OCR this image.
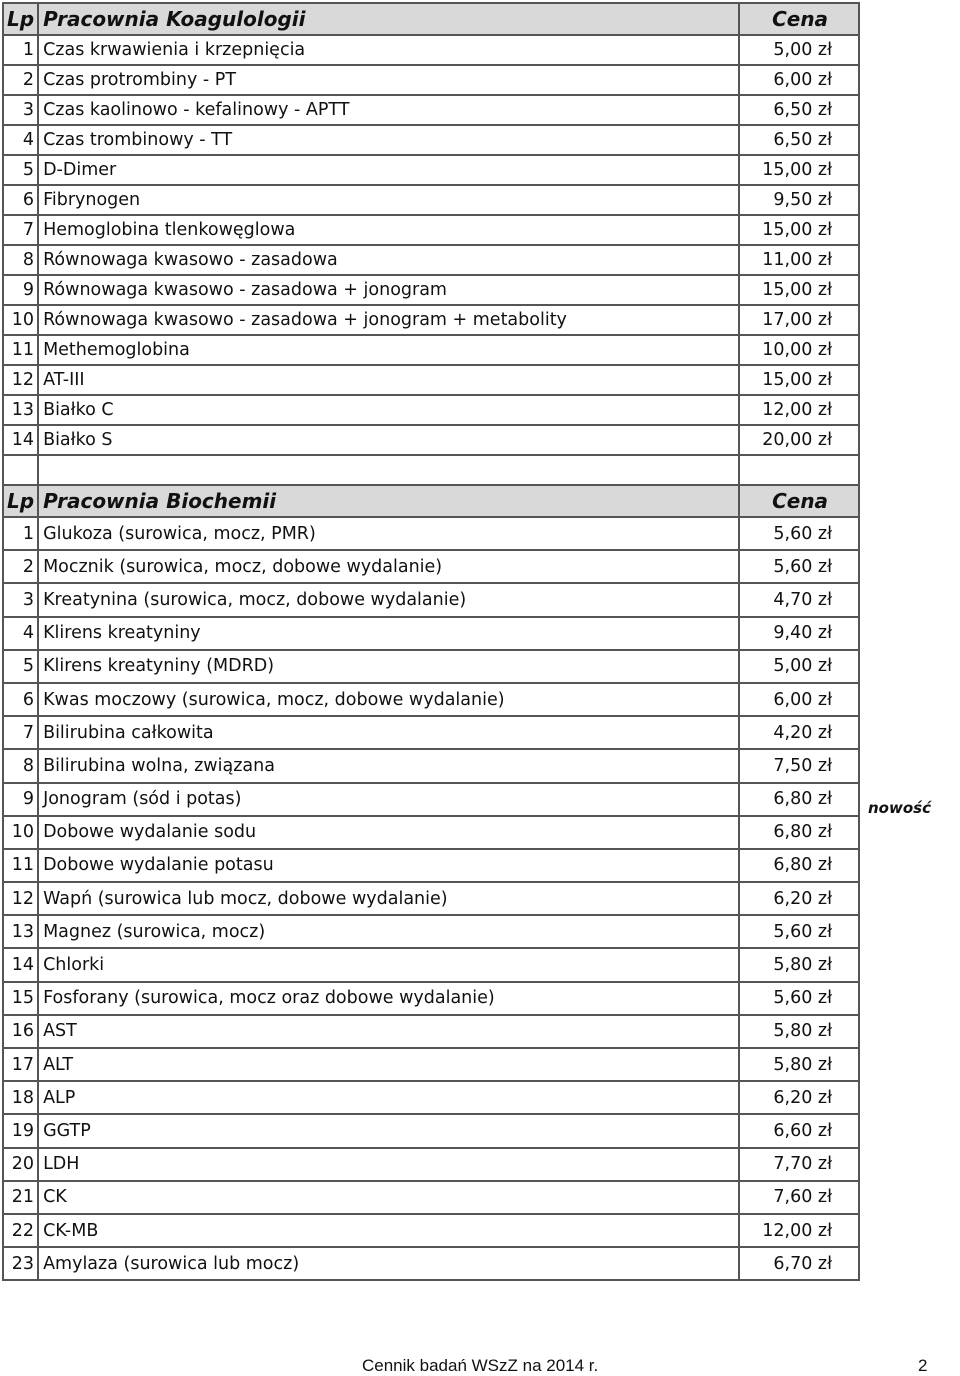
Lp	Pracownia Koagulologii	Cena
1	Czas krwawienia i krzepnięcia	5,00 zł
2	Czas protrombiny - PT	6,00 zł
3	Czas kaolinowo - kefalinowy - APTT	6,50 zł
4	Czas trombinowy - TT	6,50 zł
5	D-Dimer	15,00 zł
6	Fibrynogen	9,50 zł
7	Hemoglobina tlenkowęglowa	15,00 zł
8	Równowaga kwasowo - zasadowa	11,00 zł
9	Równowaga kwasowo - zasadowa + jonogram	15,00 zł
10	Równowaga kwasowo - zasadowa + jonogram + metabolity	17,00 zł
11	Methemoglobina	10,00 zł
12	AT-III	15,00 zł
13	Białko C	12,00 zł
14	Białko S	20,00 zł

Lp	Pracownia Biochemii	Cena
1	Glukoza (surowica, mocz, PMR)	5,60 zł
2	Mocznik (surowica, mocz, dobowe wydalanie)	5,60 zł
3	Kreatynina (surowica, mocz, dobowe wydalanie)	4,70 zł
4	Klirens kreatyniny	9,40 zł
5	Klirens kreatyniny (MDRD)	5,00 zł
6	Kwas moczowy (surowica, mocz, dobowe wydalanie)	6,00 zł
7	Bilirubina całkowita	4,20 zł
8	Bilirubina wolna, związana	7,50 zł
9	Jonogram (sód i potas)	6,80 zł
10	Dobowe wydalanie sodu	6,80 zł
11	Dobowe wydalanie potasu	6,80 zł
12	Wapń (surowica lub mocz, dobowe wydalanie)	6,20 zł
13	Magnez (surowica, mocz)	5,60 zł
14	Chlorki	5,80 zł
15	Fosforany (surowica, mocz oraz dobowe wydalanie)	5,60 zł
16	AST	5,80 zł
17	ALT	5,80 zł
18	ALP	6,20 zł
19	GGTP	6,60 zł
20	LDH	7,70 zł
21	CK	7,60 zł
22	CK-MB	12,00 zł
23	Amylaza (surowica lub mocz)	6,70 zł
nowość
Cennik badań WSzZ na 2014 r.	2
